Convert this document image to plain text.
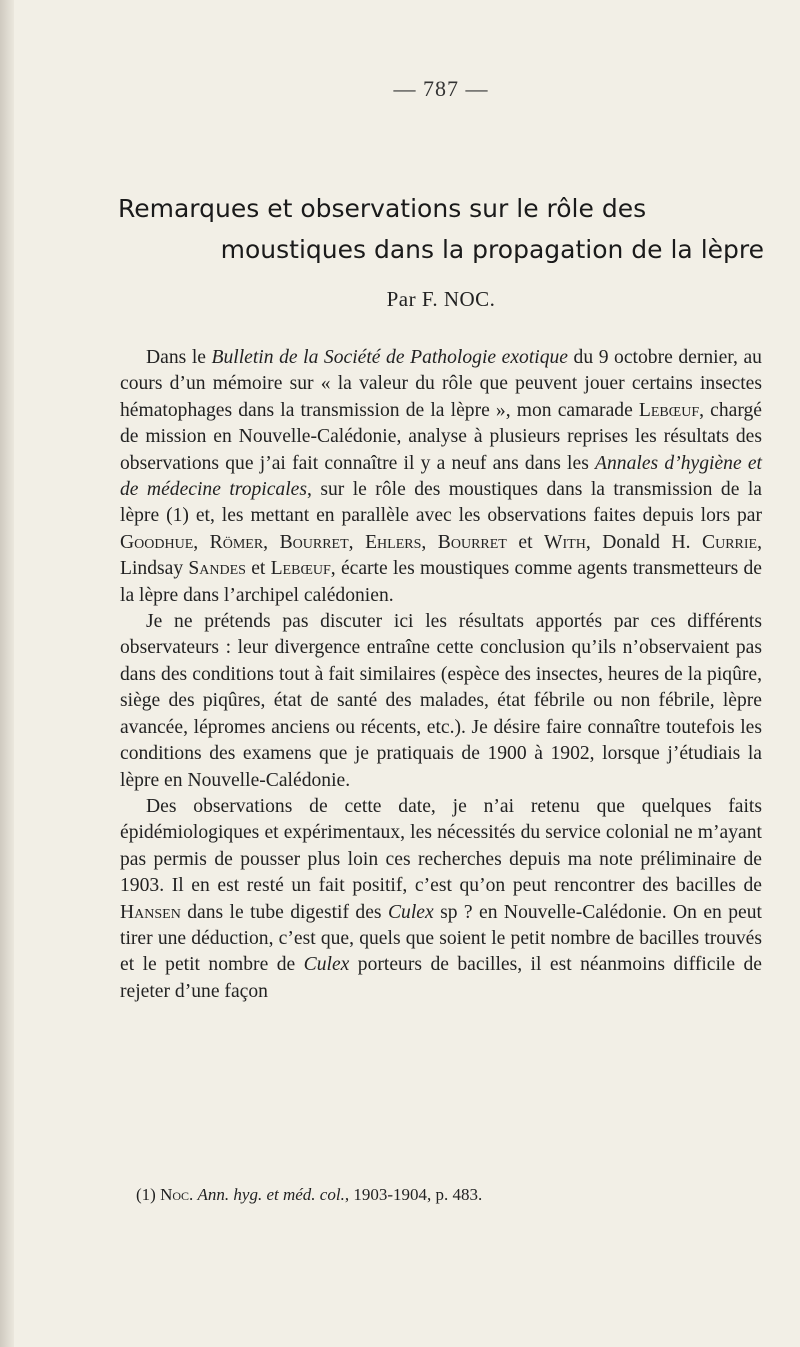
— 787 —
Remarques et observations sur le rôle des
moustiques dans la propagation de la lèpre
Par F. NOC.

Dans le Bulletin de la Société de Pathologie exotique du 9 octobre dernier, au cours d’un mémoire sur « la valeur du rôle que peuvent jouer certains insectes hématophages dans la transmission de la lèpre », mon camarade Lebœuf, chargé de mission en Nouvelle-Calédonie, analyse à plusieurs reprises les résultats des observations que j’ai fait connaître il y a neuf ans dans les Annales d’hygiène et de médecine tropicales, sur le rôle des moustiques dans la transmission de la lèpre (1) et, les mettant en parallèle avec les observations faites depuis lors par Goodhue, Römer, Bourret, Ehlers, Bourret et With, Donald H. Currie, Lindsay Sandes et Lebœuf, écarte les moustiques comme agents transmetteurs de la lèpre dans l’archipel calédonien.

Je ne prétends pas discuter ici les résultats apportés par ces différents observateurs : leur divergence entraîne cette conclusion qu’ils n’observaient pas dans des conditions tout à fait similaires (espèce des insectes, heures de la piqûre, siège des piqûres, état de santé des malades, état fébrile ou non fébrile, lèpre avancée, lépromes anciens ou récents, etc.). Je désire faire connaître toutefois les conditions des examens que je pratiquais de 1900 à 1902, lorsque j’étudiais la lèpre en Nouvelle-Calédonie.

Des observations de cette date, je n’ai retenu que quelques faits épidémiologiques et expérimentaux, les nécessités du service colonial ne m’ayant pas permis de pousser plus loin ces recherches depuis ma note préliminaire de 1903. Il en est resté un fait positif, c’est qu’on peut rencontrer des bacilles de Hansen dans le tube digestif des Culex sp ? en Nouvelle-Calédonie. On en peut tirer une déduction, c’est que, quels que soient le petit nombre de bacilles trouvés et le petit nombre de Culex porteurs de bacilles, il est néanmoins difficile de rejeter d’une façon

(1) Noc. Ann. hyg. et méd. col., 1903-1904, p. 483.
